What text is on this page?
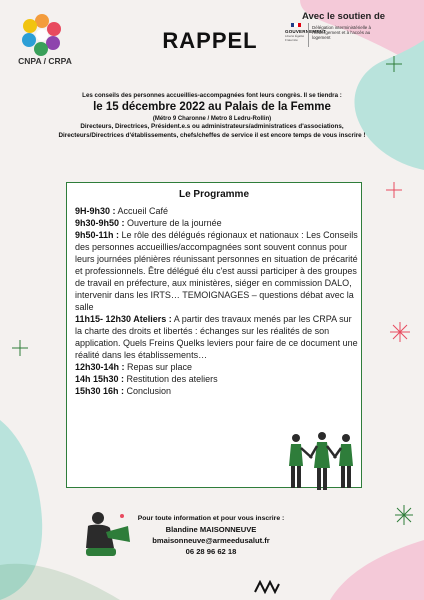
CNPA / CRPA
RAPPEL
Avec le soutien de
GOUVERNEMENT
Liberté Égalité Fraternité
Délégation interministérielle à l'hébergement et à l'accès au logement
Les conseils des personnes accueillies-accompagnées font leurs congrès. Il se tiendra :
le 15 décembre 2022 au Palais de la Femme
(Métro 9 Charonne / Metro 8 Ledru-Rollin)
Directeurs, Directrices, Président.e.s ou administrateurs/administratices d'associations, Directeurs/Directrices d'établissements, chefs/cheffes de service il est encore temps de vous inscrire !
Le Programme
9H-9h30 : Accueil Café
9h30-9h50 : Ouverture de la journée
9h50-11h : Le rôle des délégués régionaux et nationaux : Les Conseils des personnes accueillies/accompagnées sont souvent connus pour leurs journées plénières réunissant personnes en situation de précarité et professionnels. Être délégué élu c'est aussi participer à des groupes de travail en préfecture, aux ministères, siéger en commission DALO, intervenir dans les IRTS… TEMOIGNAGES – questions débat avec la salle
11h15- 12h30 Ateliers : A partir des travaux menés par les CRPA sur la charte des droits et libertés : échanges sur les réalités de son application. Quels Freins Quelks leviers pour faire de ce document une réalité dans les établissements…
12h30-14h : Repas sur place
14h 15h30 : Restitution des ateliers
15h30 16h : Conclusion
Pour toute information et pour vous inscrire :
Blandine MAISONNEUVE
bmaisonneuve@armeedusalut.fr
06 28 96 62 18
